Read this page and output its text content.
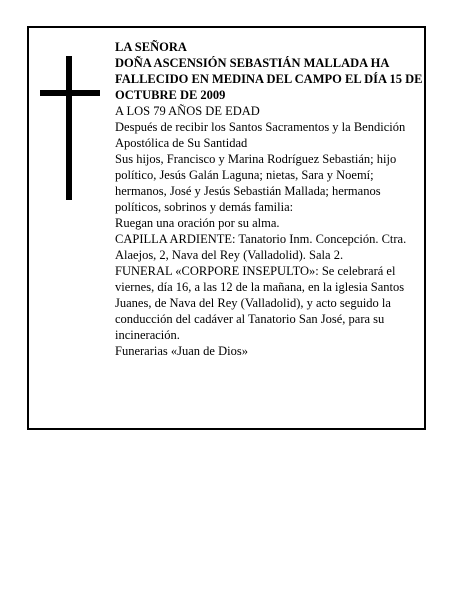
LA SEÑORA

DOÑA ASCENSIÓN SEBASTIÁN MALLADA HA FALLECIDO EN MEDINA DEL CAMPO EL DÍA 15 DE OCTUBRE DE 2009

A LOS 79 AÑOS DE EDAD

Después de recibir los Santos Sacramentos y la Bendición Apostólica de Su Santidad

Sus hijos, Francisco y Marina Rodríguez Sebastián; hijo político, Jesús Galán Laguna; nietas, Sara y Noemí; hermanos, José y Jesús Sebastián Mallada; hermanos políticos, sobrinos y demás familia:

Ruegan una oración por su alma.

CAPILLA ARDIENTE: Tanatorio Inm. Concepción. Ctra. Alaejos, 2, Nava del Rey (Valladolid). Sala 2.

FUNERAL «CORPORE INSEPULTO»: Se celebrará el viernes, día 16, a las 12 de la mañana, en la iglesia Santos Juanes, de Nava del Rey (Valladolid), y acto seguido la conducción del cadáver al Tanatorio San José, para su incineración.

Funerarias «Juan de Dios»
